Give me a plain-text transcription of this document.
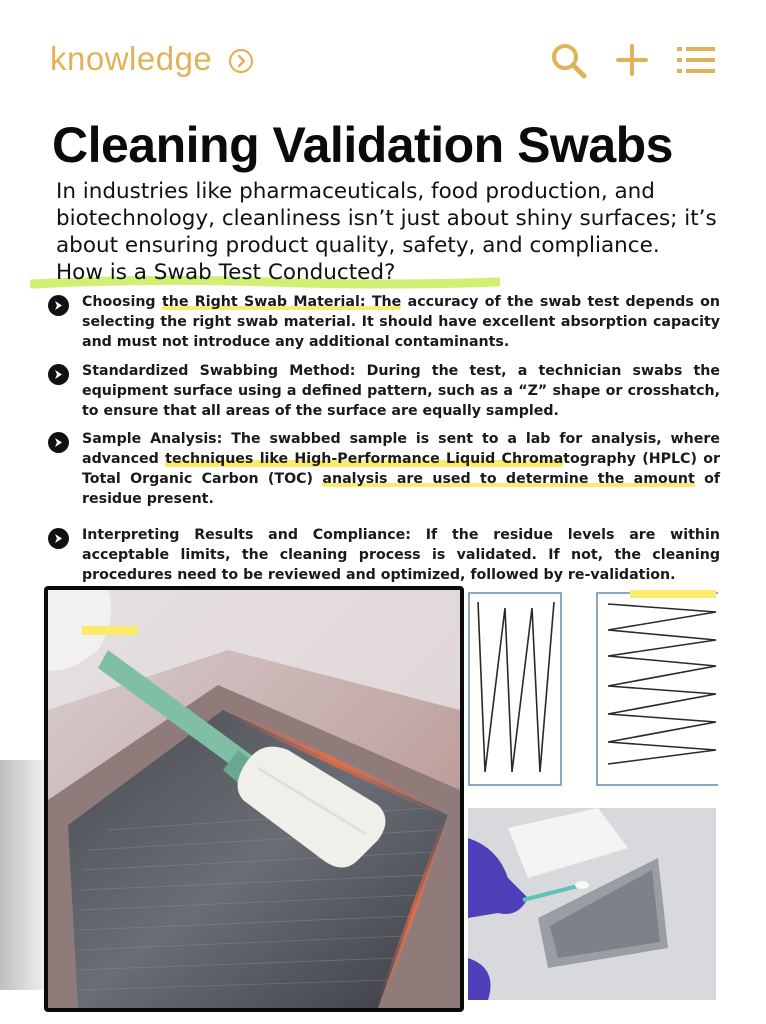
knowledge
Cleaning Validation Swabs
In industries like pharmaceuticals, food production, and biotechnology, cleanliness isn’t just about shiny surfaces; it’s about ensuring product quality, safety, and compliance.
How is a Swab Test Conducted?
Choosing the Right Swab Material: The accuracy of the swab test depends on selecting the right swab material. It should have excellent absorption capacity and must not introduce any additional contaminants.
Standardized Swabbing Method: During the test, a technician swabs the equipment surface using a defined pattern, such as a “Z” shape or crosshatch, to ensure that all areas of the surface are equally sampled.
Sample Analysis: The swabbed sample is sent to a lab for analysis, where advanced techniques like High-Performance Liquid Chromatography (HPLC) or Total Organic Carbon (TOC) analysis are used to determine the amount of residue present.
Interpreting Results and Compliance: If the residue levels are within acceptable limits, the cleaning process is validated. If not, the cleaning procedures need to be reviewed and optimized, followed by re-validation.
